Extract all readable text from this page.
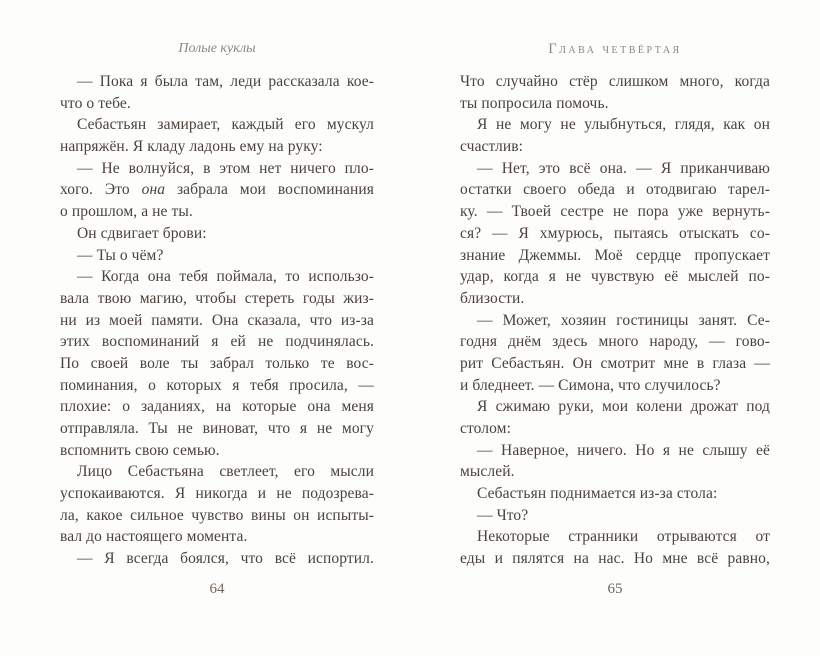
Полые куклы
— Пока я была там, леди рассказала кое-
что о тебе.
Себастьян замирает, каждый его мускул
напряжён. Я кладу ладонь ему на руку:
— Не волнуйся, в этом нет ничего пло-
хого. Это она забрала мои воспоминания
о прошлом, а не ты.
Он сдвигает брови:
— Ты о чём?
— Когда она тебя поймала, то использо-
вала твою магию, чтобы стереть годы жиз-
ни из моей памяти. Она сказала, что из-за
этих воспоминаний я ей не подчинялась.
По своей воле ты забрал только те вос-
поминания, о которых я тебя просила, —
плохие: о заданиях, на которые она меня
отправляла. Ты не виноват, что я не могу
вспомнить свою семью.
Лицо Себастьяна светлеет, его мысли
успокаиваются. Я никогда и не подозрева-
ла, какое сильное чувство вины он испыты-
вал до настоящего момента.
— Я всегда боялся, что всё испортил.
64
Глава четвёртая
Что случайно стёр слишком много, когда
ты попросила помочь.
Я не могу не улыбнуться, глядя, как он
счастлив:
— Нет, это всё она. — Я приканчиваю
остатки своего обеда и отодвигаю тарел-
ку. — Твоей сестре не пора уже вернуть-
ся? — Я хмурюсь, пытаясь отыскать со-
знание Джеммы. Моё сердце пропускает
удар, когда я не чувствую её мыслей по-
близости.
— Может, хозяин гостиницы занят. Се-
годня днём здесь много народу, — гово-
рит Себастьян. Он смотрит мне в глаза —
и бледнеет. — Симона, что случилось?
Я сжимаю руки, мои колени дрожат под
столом:
— Наверное, ничего. Но я не слышу её
мыслей.
Себастьян поднимается из-за стола:
— Что?
Некоторые странники отрываются от
еды и пялятся на нас. Но мне всё равно,
65
